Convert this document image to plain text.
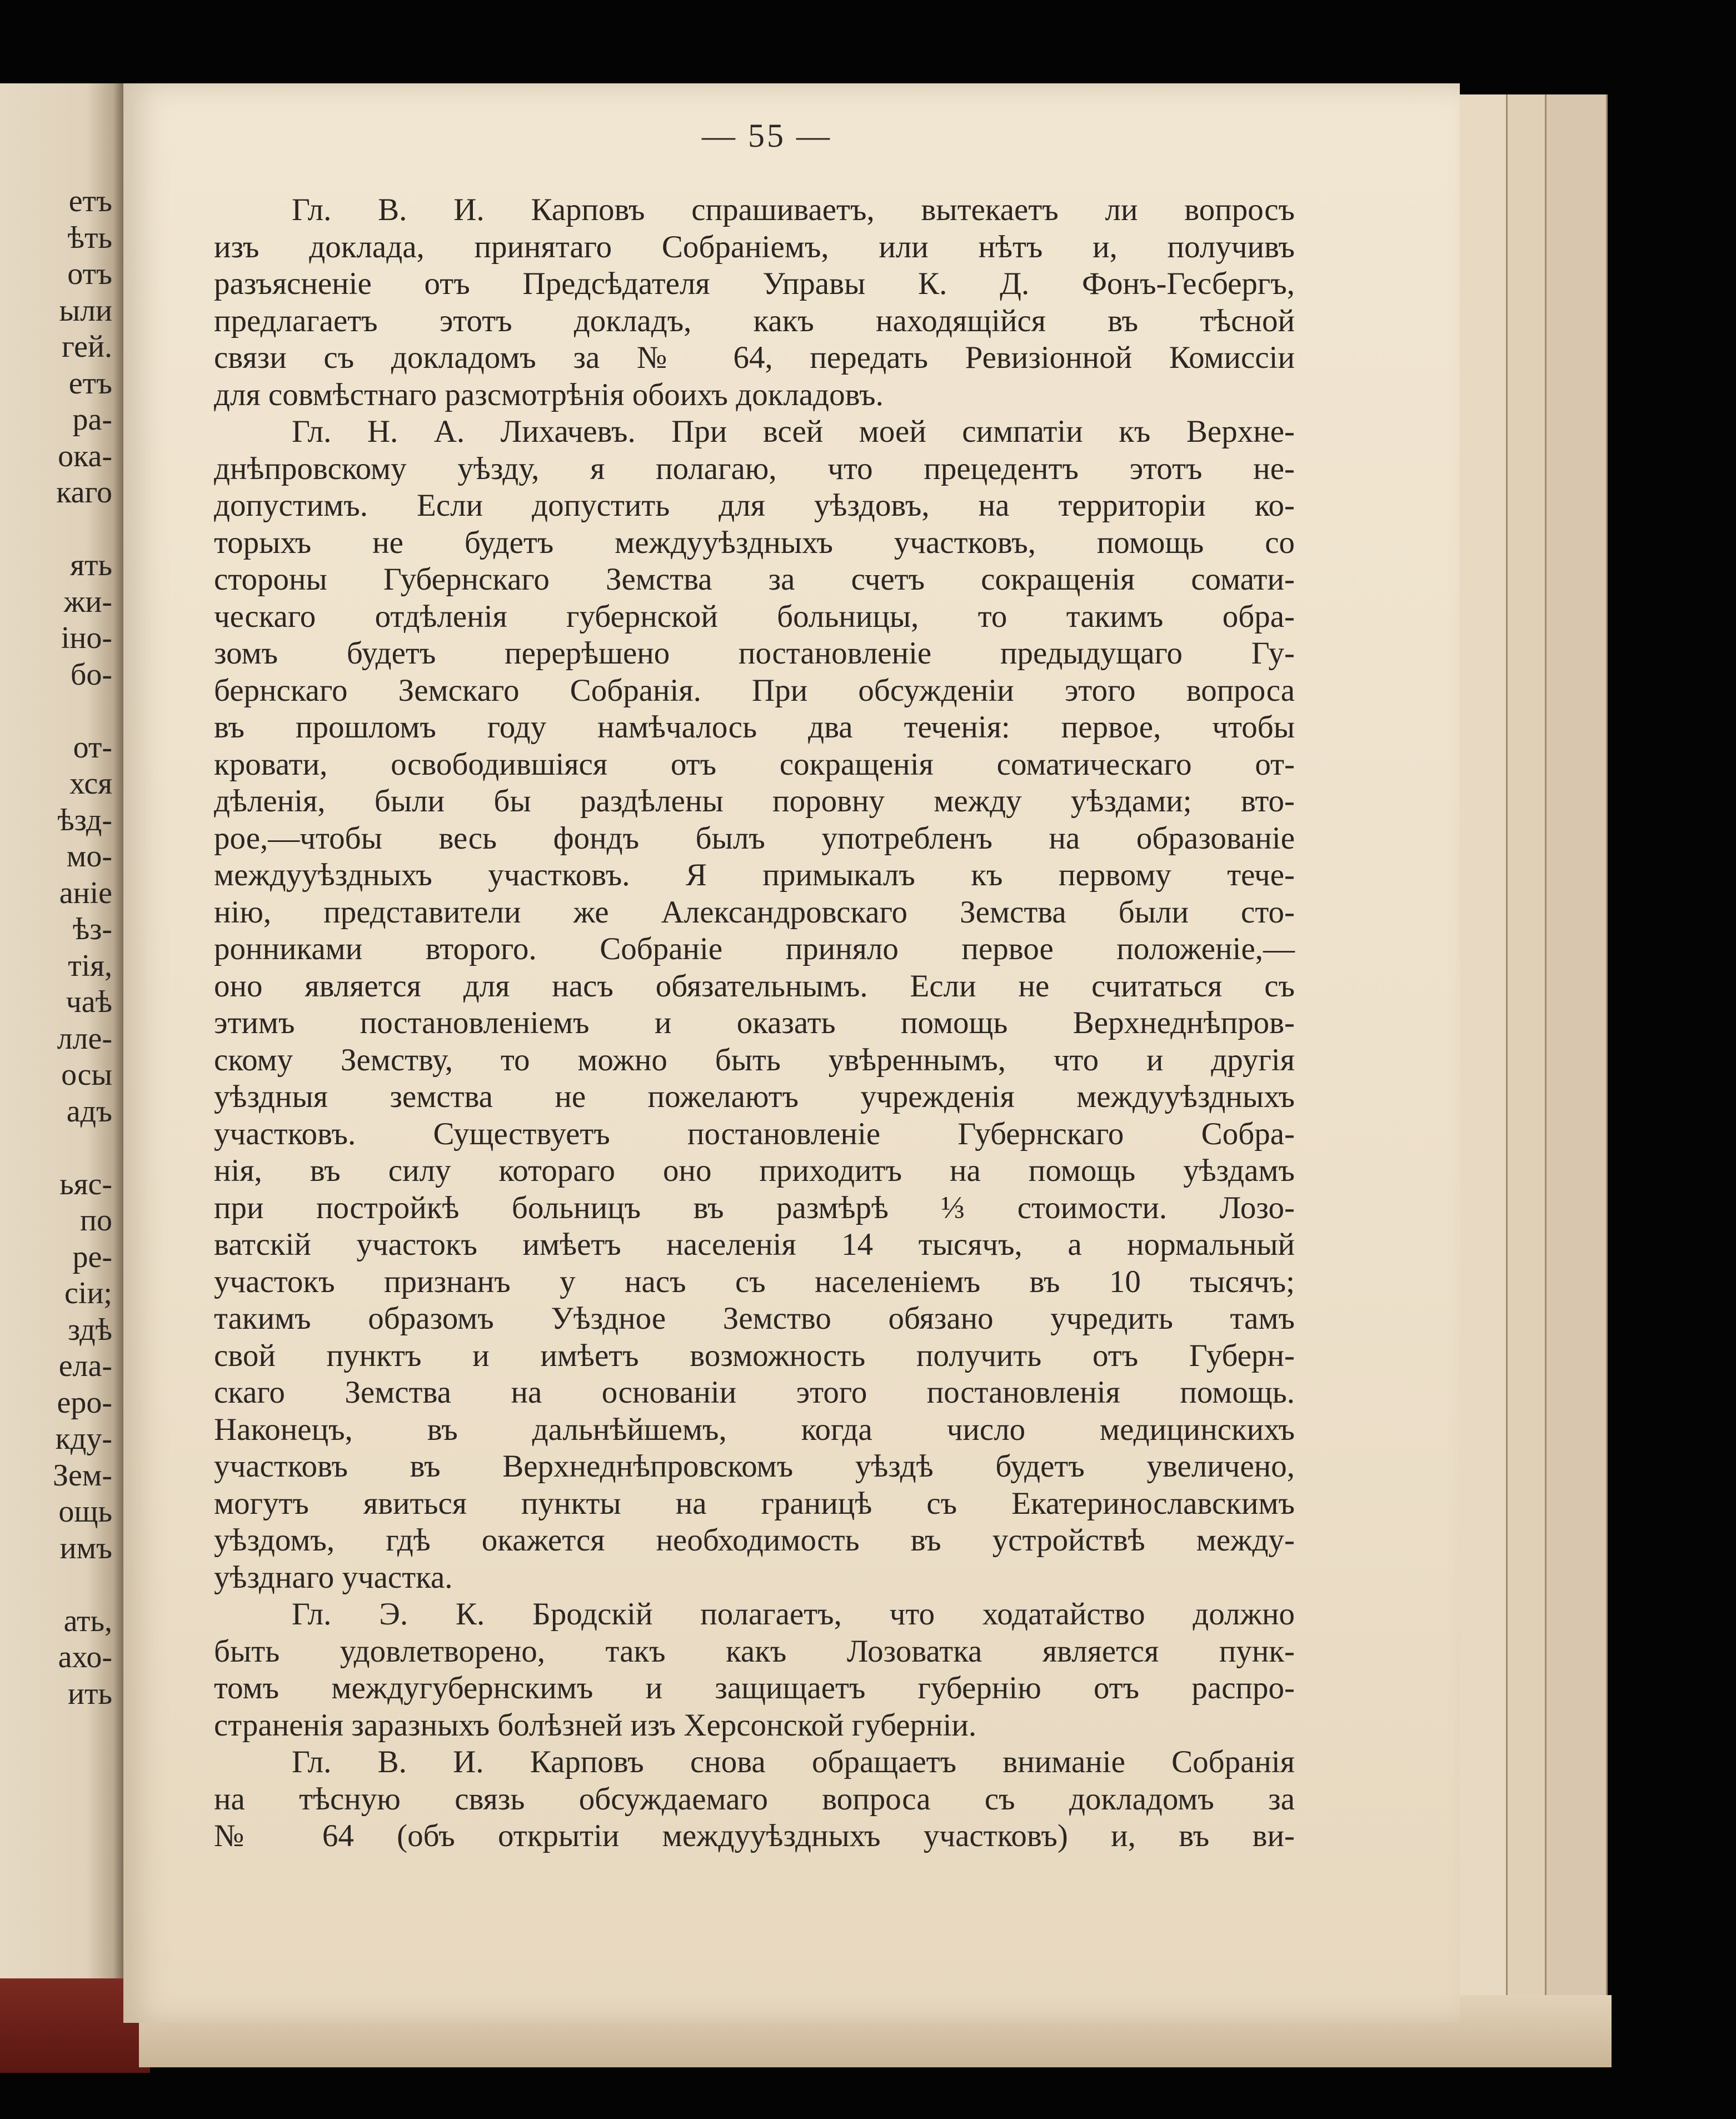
етъ
ѣть
отъ
ыли
гей.
етъ
ра-
ока-
каго
ять
жи-
іно-
бо-
от-
хся
ѣзд-
мо-
аніе
ѣз-
тія,
чаѣ
лле-
осы
адъ
ьяс-
по
ре-
сіи;
здѣ
ела-
еро-
кду-
Зем-
ощь
имъ
ать,
ахо-
ить
— 55 —
Гл. В. И. Карповъ спрашиваетъ, вытекаетъ ли вопросъ
изъ доклада, принятаго Собраніемъ, или нѣтъ и, получивъ
разъясненіе отъ Предсѣдателя Управы К. Д. Фонъ-Гесбергъ,
предлагаетъ этотъ докладъ, какъ находящійся въ тѣсной
связи съ докладомъ за № 64, передать Ревизіонной Комиссіи
для совмѣстнаго разсмотрѣнія обоихъ докладовъ.
Гл. Н. А. Лихачевъ. При всей моей симпатіи къ Верхне-
днѣпровскому уѣзду, я полагаю, что прецедентъ этотъ не-
допустимъ. Если допустить для уѣздовъ, на территоріи ко-
торыхъ не будетъ междууѣздныхъ участковъ, помощь со
стороны Губернскаго Земства за счетъ сокращенія сомати-
ческаго отдѣленія губернской больницы, то такимъ обра-
зомъ будетъ перерѣшено постановленіе предыдущаго Гу-
бернскаго Земскаго Собранія. При обсужденіи этого вопроса
въ прошломъ году намѣчалось два теченія: первое, чтобы
кровати, освободившіяся отъ сокращенія соматическаго от-
дѣленія, были бы раздѣлены поровну между уѣздами; вто-
рое,—чтобы весь фондъ былъ употребленъ на образованіе
междууѣздныхъ участковъ. Я примыкалъ къ первому тече-
нію, представители же Александровскаго Земства были сто-
ронниками второго. Собраніе приняло первое положеніе,—
оно является для насъ обязательнымъ. Если не считаться съ
этимъ постановленіемъ и оказать помощь Верхнеднѣпров-
скому Земству, то можно быть увѣреннымъ, что и другія
уѣздныя земства не пожелаютъ учрежденія междууѣздныхъ
участковъ. Существуетъ постановленіе Губернскаго Собра-
нія, въ силу котораго оно приходитъ на помощь уѣздамъ
при постройкѣ больницъ въ размѣрѣ ⅓ стоимости. Лозо-
ватскій участокъ имѣетъ населенія 14 тысячъ, а нормальный
участокъ признанъ у насъ съ населеніемъ въ 10 тысячъ;
такимъ образомъ Уѣздное Земство обязано учредить тамъ
свой пунктъ и имѣетъ возможность получить отъ Губерн-
скаго Земства на основаніи этого постановленія помощь.
Наконецъ, въ дальнѣйшемъ, когда число медицинскихъ
участковъ въ Верхнеднѣпровскомъ уѣздѣ будетъ увеличено,
могутъ явиться пункты на границѣ съ Екатеринославскимъ
уѣздомъ, гдѣ окажется необходимость въ устройствѣ между-
уѣзднаго участка.
Гл. Э. К. Бродскій полагаетъ, что ходатайство должно
быть удовлетворено, такъ какъ Лозоватка является пунк-
томъ междугубернскимъ и защищаетъ губернію отъ распро-
страненія заразныхъ болѣзней изъ Херсонской губерніи.
Гл. В. И. Карповъ снова обращаетъ вниманіе Собранія
на тѣсную связь обсуждаемаго вопроса съ докладомъ за
№ 64 (объ открытіи междууѣздныхъ участковъ) и, въ ви-
